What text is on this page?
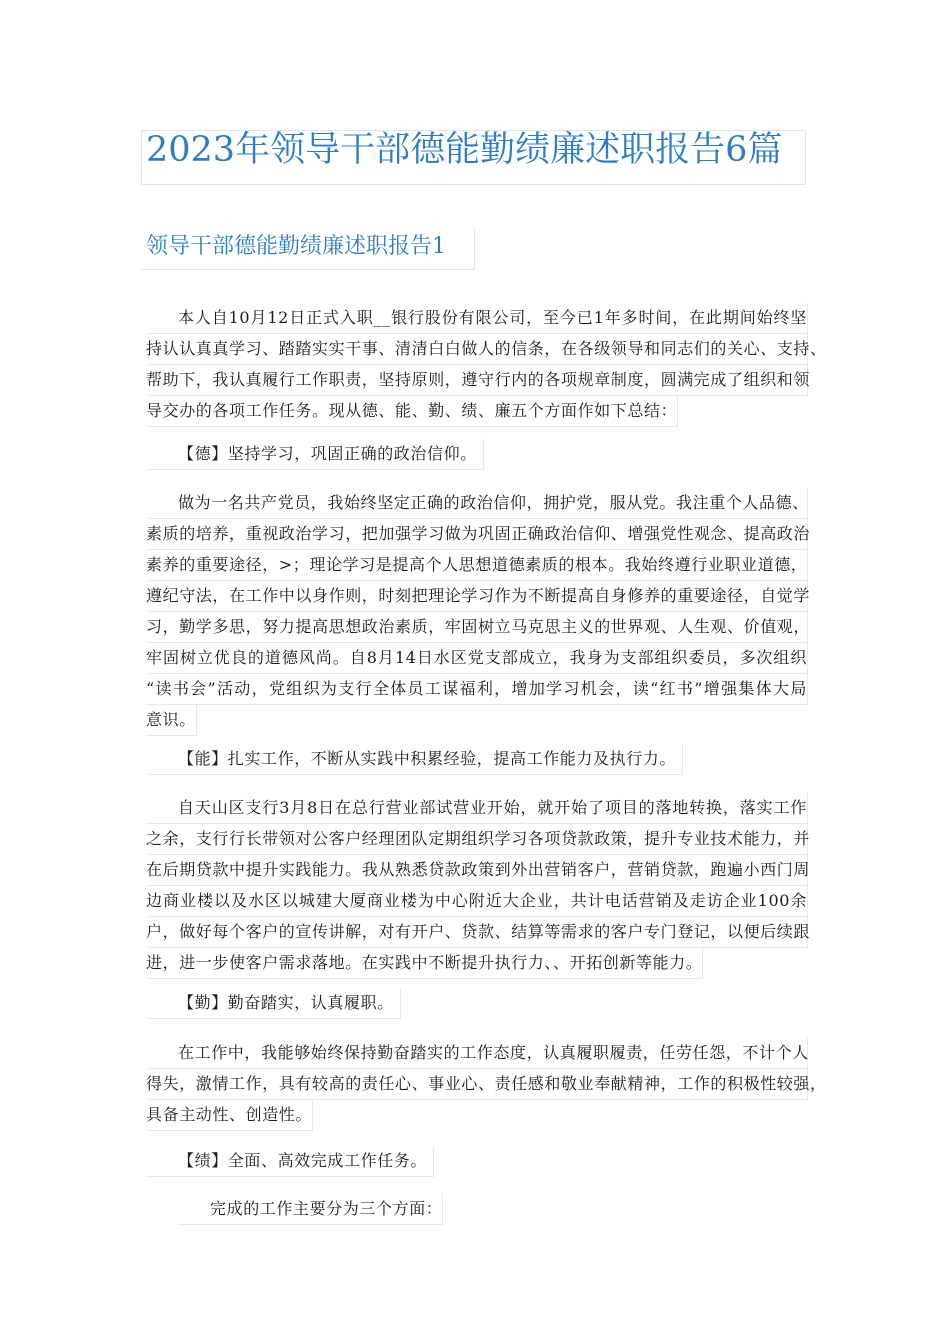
2023年领导干部德能勤绩廉述职报告6篇
领导干部德能勤绩廉述职报告1
本人自10月12日正式入职__银行股份有限公司，至今已1年多时间，在此期间始终坚
持认认真真学习、踏踏实实干事、清清白白做人的信条，在各级领导和同志们的关心、支持、
帮助下，我认真履行工作职责，坚持原则，遵守行内的各项规章制度，圆满完成了组织和领
导交办的各项工作任务。现从德、能、勤、绩、廉五个方面作如下总结：
【德】坚持学习，巩固正确的政治信仰。
做为一名共产党员，我始终坚定正确的政治信仰，拥护党，服从党。我注重个人品德、
素质的培养，重视政治学习，把加强学习做为巩固正确政治信仰、增强党性观念、提高政治
素养的重要途径，>；理论学习是提高个人思想道德素质的根本。我始终遵行业职业道德，
遵纪守法，在工作中以身作则，时刻把理论学习作为不断提高自身修养的重要途径，自觉学
习，勤学多思，努力提高思想政治素质，牢固树立马克思主义的世界观、人生观、价值观，
牢固树立优良的道德风尚。自8月14日水区党支部成立，我身为支部组织委员，多次组织
“读书会”活动，党组织为支行全体员工谋福利，增加学习机会，读“红书”增强集体大局
意识。
【能】扎实工作，不断从实践中积累经验，提高工作能力及执行力。
自天山区支行3月8日在总行营业部试营业开始，就开始了项目的落地转换，落实工作
之余，支行行长带领对公客户经理团队定期组织学习各项贷款政策，提升专业技术能力，并
在后期贷款中提升实践能力。我从熟悉贷款政策到外出营销客户，营销贷款，跑遍小西门周
边商业楼以及水区以城建大厦商业楼为中心附近大企业，共计电话营销及走访企业100余
户，做好每个客户的宣传讲解，对有开户、贷款、结算等需求的客户专门登记，以便后续跟
进，进一步使客户需求落地。在实践中不断提升执行力、、开拓创新等能力。
【勤】勤奋踏实，认真履职。
在工作中，我能够始终保持勤奋踏实的工作态度，认真履职履责，任劳任怨，不计个人
得失，激情工作，具有较高的责任心、事业心、责任感和敬业奉献精神，工作的积极性较强，
具备主动性、创造性。
【绩】全面、高效完成工作任务。
完成的工作主要分为三个方面：
